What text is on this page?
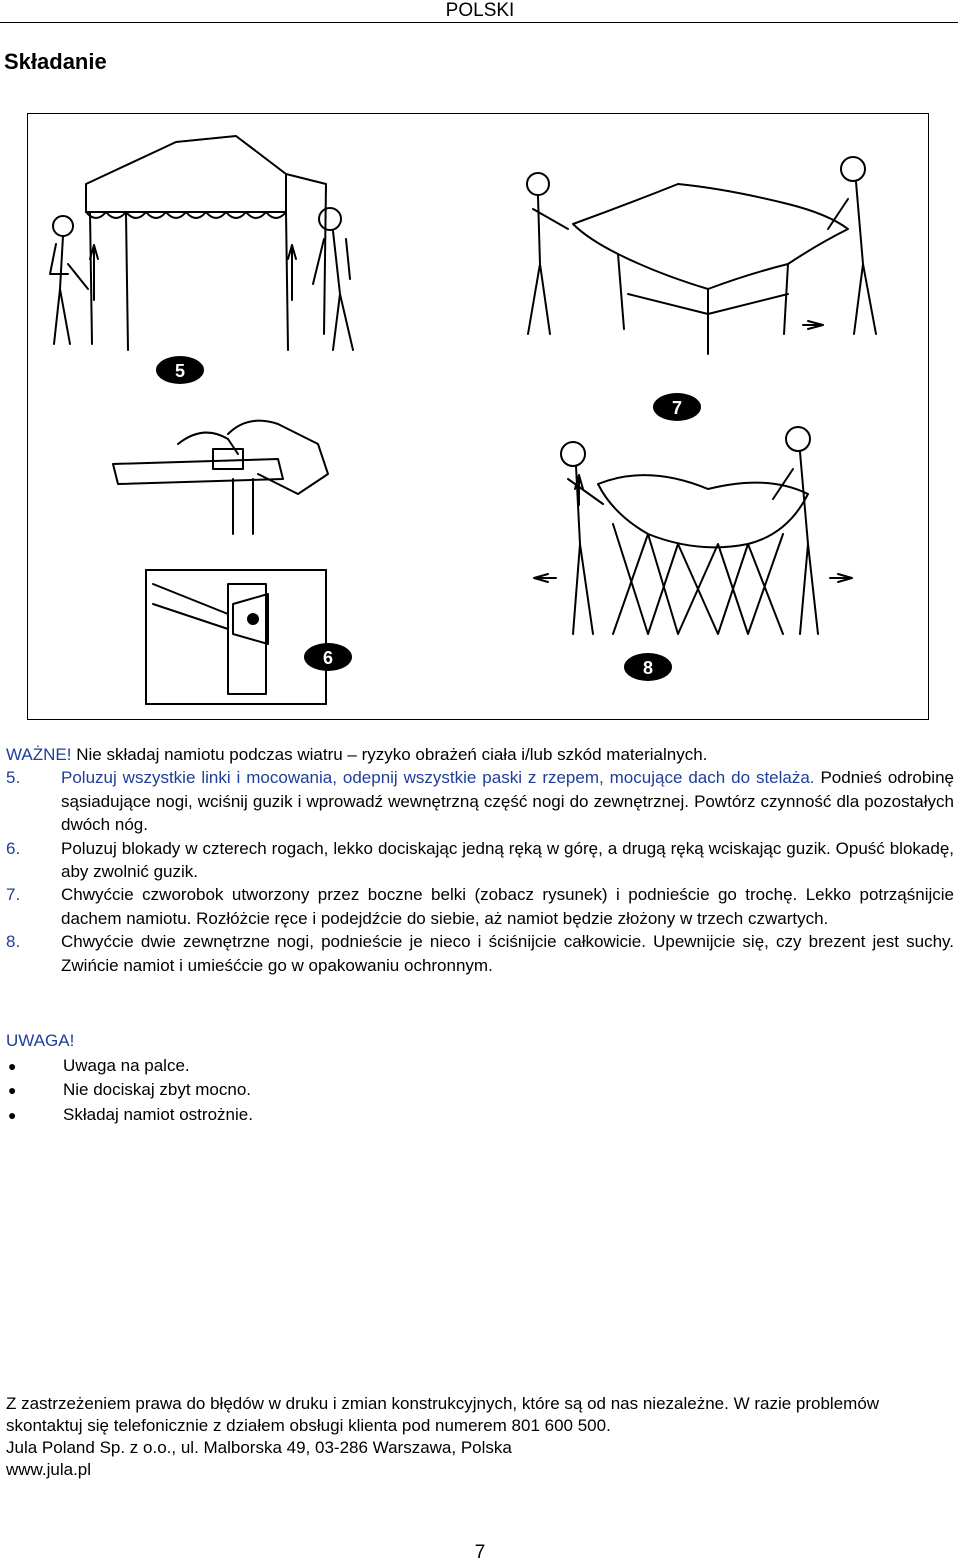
POLSKI
Składanie
5
6
7
8
WAŻNE! Nie składaj namiotu podczas wiatru – ryzyko obrażeń ciała i/lub szkód materialnych.
5.	Poluzuj wszystkie linki i mocowania, odepnij wszystkie paski z rzepem, mocujące dach do stelaża. Podnieś odrobinę sąsiadujące nogi, wciśnij guzik i wprowadź wewnętrzną część nogi do zewnętrznej. Powtórz czynność dla pozostałych dwóch nóg.
6.	Poluzuj blokady w czterech rogach, lekko dociskając jedną ręką w górę, a drugą ręką wciskając guzik. Opuść blokadę, aby zwolnić guzik.
7.	Chwyćcie czworobok utworzony przez boczne belki (zobacz rysunek) i podnieście go trochę. Lekko potrząśnijcie dachem namiotu. Rozłóżcie ręce i podejdźcie do siebie, aż namiot będzie złożony w trzech czwartych.
8.	Chwyćcie dwie zewnętrzne nogi, podnieście je nieco i ściśnijcie całkowicie. Upewnijcie się, czy brezent jest suchy. Zwińcie namiot i umieśćcie go w opakowaniu ochronnym.
UWAGA!
●	Uwaga na palce.
●	Nie dociskaj zbyt mocno.
●	Składaj namiot ostrożnie.
Z zastrzeżeniem prawa do błędów w druku i zmian konstrukcyjnych, które są od nas niezależne. W razie problemów skontaktuj się telefonicznie z działem obsługi klienta pod numerem 801 600 500.
Jula Poland Sp. z o.o., ul. Malborska 49, 03-286 Warszawa, Polska
www.jula.pl
7
